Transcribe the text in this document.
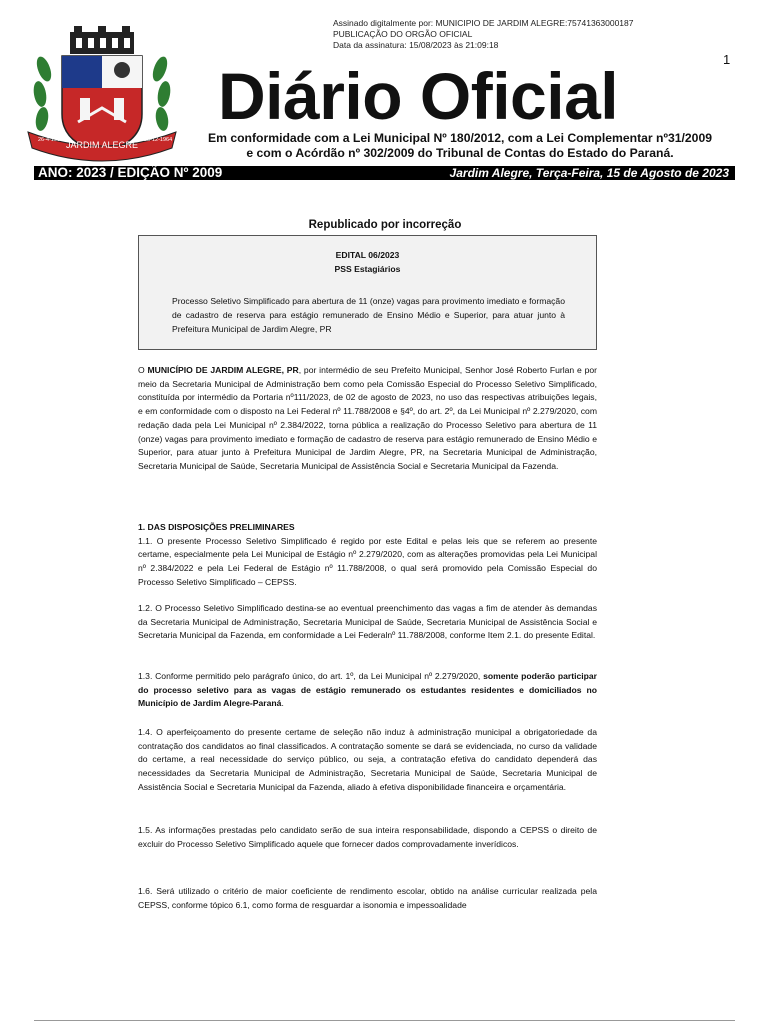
Assinado digitalmente por: MUNICIPIO DE JARDIM ALEGRE:75741363000187
PUBLICAÇÃO DO ORGÃO OFICIAL
Data da assinatura: 15/08/2023 às 21:09:18
1
JARDIM ALEGRE
26-4-1964	28-12-1964
Diário Oficial
Em conformidade com a Lei Municipal Nº 180/2012, com a Lei Complementar nº31/2009
e com o Acórdão nº 302/2009 do Tribunal de Contas do Estado do Paraná.
ANO: 2023 / EDIÇÃO Nº 2009	Jardim Alegre, Terça-Feira, 15 de Agosto de 2023
Republicado por incorreção
EDITAL 06/2023
PSS Estagiários
Processo Seletivo Simplificado para abertura de 11 (onze) vagas para provimento imediato e formação de cadastro de reserva para estágio remunerado de Ensino Médio e Superior, para atuar junto à Prefeitura Municipal de Jardim Alegre, PR
O MUNICÍPIO DE JARDIM ALEGRE, PR, por intermédio de seu Prefeito Municipal, Senhor José Roberto Furlan e por meio da Secretaria Municipal de Administração bem como pela Comissão Especial do Processo Seletivo Simplificado, constituída por intermédio da Portaria nº111/2023, de 02 de agosto de 2023, no uso das respectivas atribuições legais, e em conformidade com o disposto na Lei Federal nº 11.788/2008 e §4º, do art. 2º, da Lei Municipal nº 2.279/2020, com redação dada pela Lei Municipal nº 2.384/2022, torna pública a realização do Processo Seletivo para abertura de 11 (onze) vagas para provimento imediato e formação de cadastro de reserva para estágio remunerado de Ensino Médio e Superior, para atuar junto à Prefeitura Municipal de Jardim Alegre, PR, na Secretaria Municipal de Administração, Secretaria Municipal de Saúde, Secretaria Municipal de Assistência Social e Secretaria Municipal da Fazenda.
1. DAS DISPOSIÇÕES PRELIMINARES
1.1. O presente Processo Seletivo Simplificado é regido por este Edital e pelas leis que se referem ao presente certame, especialmente pela Lei Municipal de Estágio nº 2.279/2020, com as alterações promovidas pela Lei Municipal nº 2.384/2022 e pela Lei Federal de Estágio nº 11.788/2008, o qual será promovido pela Comissão Especial do Processo Seletivo Simplificado – CEPSS.
1.2. O Processo Seletivo Simplificado destina-se ao eventual preenchimento das vagas a fim de atender às demandas da Secretaria Municipal de Administração, Secretaria Municipal de Saúde, Secretaria Municipal de Assistência Social e Secretaria Municipal da Fazenda, em conformidade a Lei Federalnº 11.788/2008, conforme Item 2.1. do presente Edital.
1.3. Conforme permitido pelo parágrafo único, do art. 1º, da Lei Municipal nº 2.279/2020, somente poderão participar do processo seletivo para as vagas de estágio remunerado os estudantes residentes e domiciliados no Município de Jardim Alegre-Paraná.
1.4. O aperfeiçoamento do presente certame de seleção não induz à administração municipal a obrigatoriedade da contratação dos candidatos ao final classificados. A contratação somente se dará se evidenciada, no curso da validade do certame, a real necessidade do serviço público, ou seja, a contratação efetiva do candidato dependerá das necessidades da Secretaria Municipal de Administração, Secretaria Municipal de Saúde, Secretaria Municipal de Assistência Social e Secretaria Municipal da Fazenda, aliado à efetiva disponibilidade financeira e orçamentária.
1.5. As informações prestadas pelo candidato serão de sua inteira responsabilidade, dispondo a CEPSS o direito de excluir do Processo Seletivo Simplificado aquele que fornecer dados comprovadamente inverídicos.
1.6. Será utilizado o critério de maior coeficiente de rendimento escolar, obtido na análise curricular realizada pela CEPSS, conforme tópico 6.1, como forma de resguardar a isonomia e impessoalidade
